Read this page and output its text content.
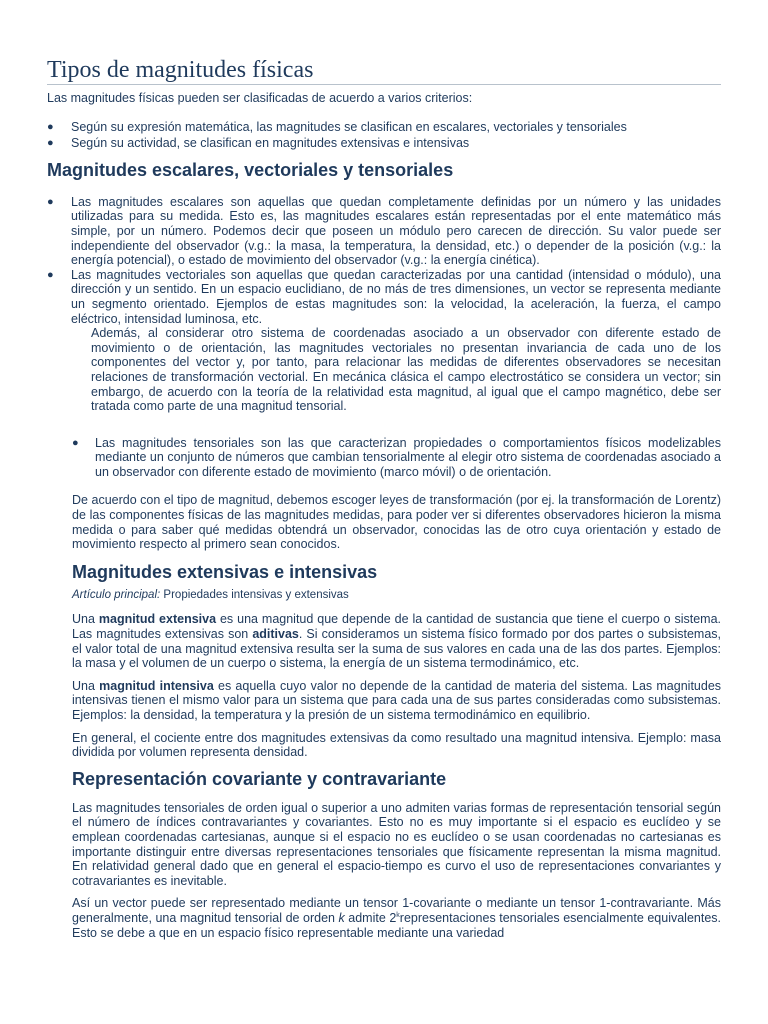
Tipos de magnitudes físicas
Las magnitudes físicas pueden ser clasificadas de acuerdo a varios criterios:
● Según su expresión matemática, las magnitudes se clasifican en escalares, vectoriales y tensoriales
● Según su actividad, se clasifican en magnitudes extensivas e intensivas
Magnitudes escalares, vectoriales y tensoriales
● Las magnitudes escalares son aquellas que quedan completamente definidas por un número y las unidades utilizadas para su medida. Esto es, las magnitudes escalares están representadas por el ente matemático más simple, por un número. Podemos decir que poseen un módulo pero carecen de dirección. Su valor puede ser independiente del observador (v.g.: la masa, la temperatura, la densidad, etc.) o depender de la posición (v.g.: la energía potencial), o estado de movimiento del observador (v.g.: la energía cinética).
● Las magnitudes vectoriales son aquellas que quedan caracterizadas por una cantidad (intensidad o módulo), una dirección y un sentido. En un espacio euclidiano, de no más de tres dimensiones, un vector se representa mediante un segmento orientado. Ejemplos de estas magnitudes son: la velocidad, la aceleración, la fuerza, el campo eléctrico, intensidad luminosa, etc.
Además, al considerar otro sistema de coordenadas asociado a un observador con diferente estado de movimiento o de orientación, las magnitudes vectoriales no presentan invariancia de cada uno de los componentes del vector y, por tanto, para relacionar las medidas de diferentes observadores se necesitan relaciones de transformación vectorial. En mecánica clásica el campo electrostático se considera un vector; sin embargo, de acuerdo con la teoría de la relatividad esta magnitud, al igual que el campo magnético, debe ser tratada como parte de una magnitud tensorial.
● Las magnitudes tensoriales son las que caracterizan propiedades o comportamientos físicos modelizables mediante un conjunto de números que cambian tensorialmente al elegir otro sistema de coordenadas asociado a un observador con diferente estado de movimiento (marco móvil) o de orientación.
De acuerdo con el tipo de magnitud, debemos escoger leyes de transformación (por ej. la transformación de Lorentz) de las componentes físicas de las magnitudes medidas, para poder ver si diferentes observadores hicieron la misma medida o para saber qué medidas obtendrá un observador, conocidas las de otro cuya orientación y estado de movimiento respecto al primero sean conocidos.
Magnitudes extensivas e intensivas
Artículo principal: Propiedades intensivas y extensivas
Una magnitud extensiva es una magnitud que depende de la cantidad de sustancia que tiene el cuerpo o sistema. Las magnitudes extensivas son aditivas. Si consideramos un sistema físico formado por dos partes o subsistemas, el valor total de una magnitud extensiva resulta ser la suma de sus valores en cada una de las dos partes. Ejemplos: la masa y el volumen de un cuerpo o sistema, la energía de un sistema termodinámico, etc.
Una magnitud intensiva es aquella cuyo valor no depende de la cantidad de materia del sistema. Las magnitudes intensivas tienen el mismo valor para un sistema que para cada una de sus partes consideradas como subsistemas. Ejemplos: la densidad, la temperatura y la presión de un sistema termodinámico en equilibrio.
En general, el cociente entre dos magnitudes extensivas da como resultado una magnitud intensiva. Ejemplo: masa dividida por volumen representa densidad.
Representación covariante y contravariante
Las magnitudes tensoriales de orden igual o superior a uno admiten varias formas de representación tensorial según el número de índices contravariantes y covariantes. Esto no es muy importante si el espacio es euclídeo y se emplean coordenadas cartesianas, aunque si el espacio no es euclídeo o se usan coordenadas no cartesianas es importante distinguir entre diversas representaciones tensoriales que físicamente representan la misma magnitud. En relatividad general dado que en general el espacio-tiempo es curvo el uso de representaciones convariantes y cotravariantes es inevitable.
Así un vector puede ser representado mediante un tensor 1-covariante o mediante un tensor 1-contravariante. Más generalmente, una magnitud tensorial de orden k admite 2$^k$representaciones tensoriales esencialmente equivalentes. Esto se debe a que en un espacio físico representable mediante una variedad
